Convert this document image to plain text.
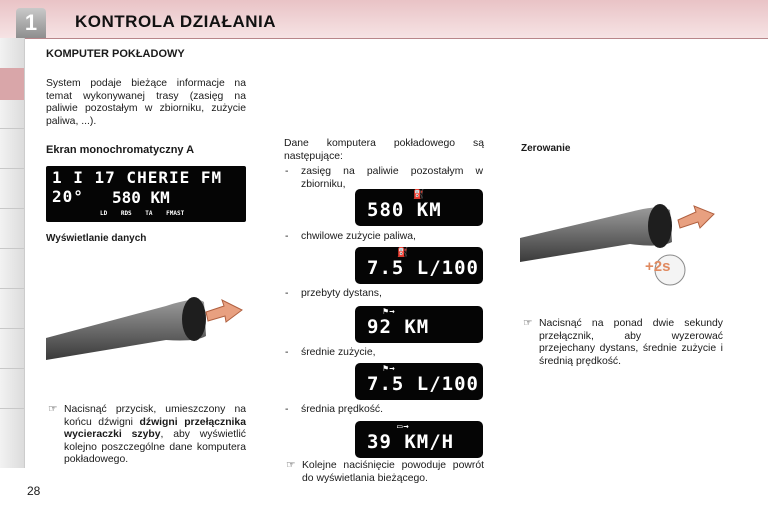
1	KONTROLA DZIAŁANIA
KOMPUTER POKŁADOWY
System podaje bieżące informacje na temat wykonywanej trasy (zasięg na paliwie pozostałym w zbiorniku, zużycie paliwa, ...).
Ekran monochromatyczny A
1 I 17 CHERIE FM 20°	580 KM
LD RDS TA FMAST
Wyświetlanie danych
☞ Nacisnąć przycisk, umieszczony na końcu dźwigni dźwigni przełącznika wycieraczki szyby, aby wyświetlić kolejno poszczególne dane komputera pokładowego.
Dane komputera pokładowego są następujące:
- zasięg na paliwie pozostałym w zbiorniku,
⛽
580 KM
- chwilowe zużycie paliwa,
⛽
7.5 L/100
- przebyty dystans,
⚑→
92 KM
- średnie zużycie,
⚑→
7.5 L/100
- średnia prędkość.
▭→
39 KM/H
☞ Kolejne naciśnięcie powoduje powrót do wyświetlania bieżącego.
Zerowanie
+2s
☞ Nacisnąć na ponad dwie sekundy przełącznik, aby wyzerować przejechany dystans, średnie zużycie i średnią prędkość.
28
